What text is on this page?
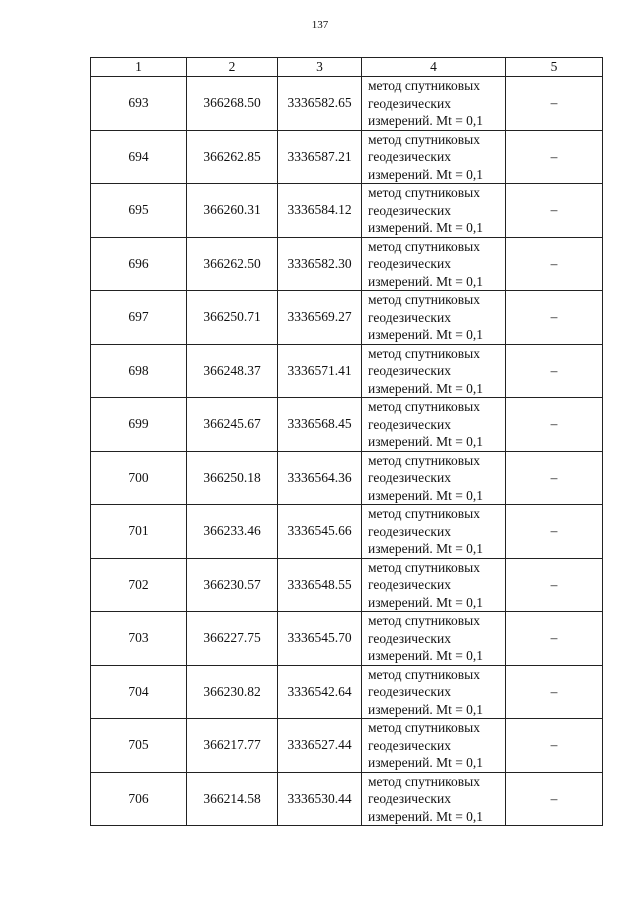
137
1	2	3	4	5
693	366268.50	3336582.65	метод спутниковых
геодезических
измерений. Mt = 0,1	–
694	366262.85	3336587.21	метод спутниковых
геодезических
измерений. Mt = 0,1	–
695	366260.31	3336584.12	метод спутниковых
геодезических
измерений. Mt = 0,1	–
696	366262.50	3336582.30	метод спутниковых
геодезических
измерений. Mt = 0,1	–
697	366250.71	3336569.27	метод спутниковых
геодезических
измерений. Mt = 0,1	–
698	366248.37	3336571.41	метод спутниковых
геодезических
измерений. Mt = 0,1	–
699	366245.67	3336568.45	метод спутниковых
геодезических
измерений. Mt = 0,1	–
700	366250.18	3336564.36	метод спутниковых
геодезических
измерений. Mt = 0,1	–
701	366233.46	3336545.66	метод спутниковых
геодезических
измерений. Mt = 0,1	–
702	366230.57	3336548.55	метод спутниковых
геодезических
измерений. Mt = 0,1	–
703	366227.75	3336545.70	метод спутниковых
геодезических
измерений. Mt = 0,1	–
704	366230.82	3336542.64	метод спутниковых
геодезических
измерений. Mt = 0,1	–
705	366217.77	3336527.44	метод спутниковых
геодезических
измерений. Mt = 0,1	–
706	366214.58	3336530.44	метод спутниковых
геодезических
измерений. Mt = 0,1	–
